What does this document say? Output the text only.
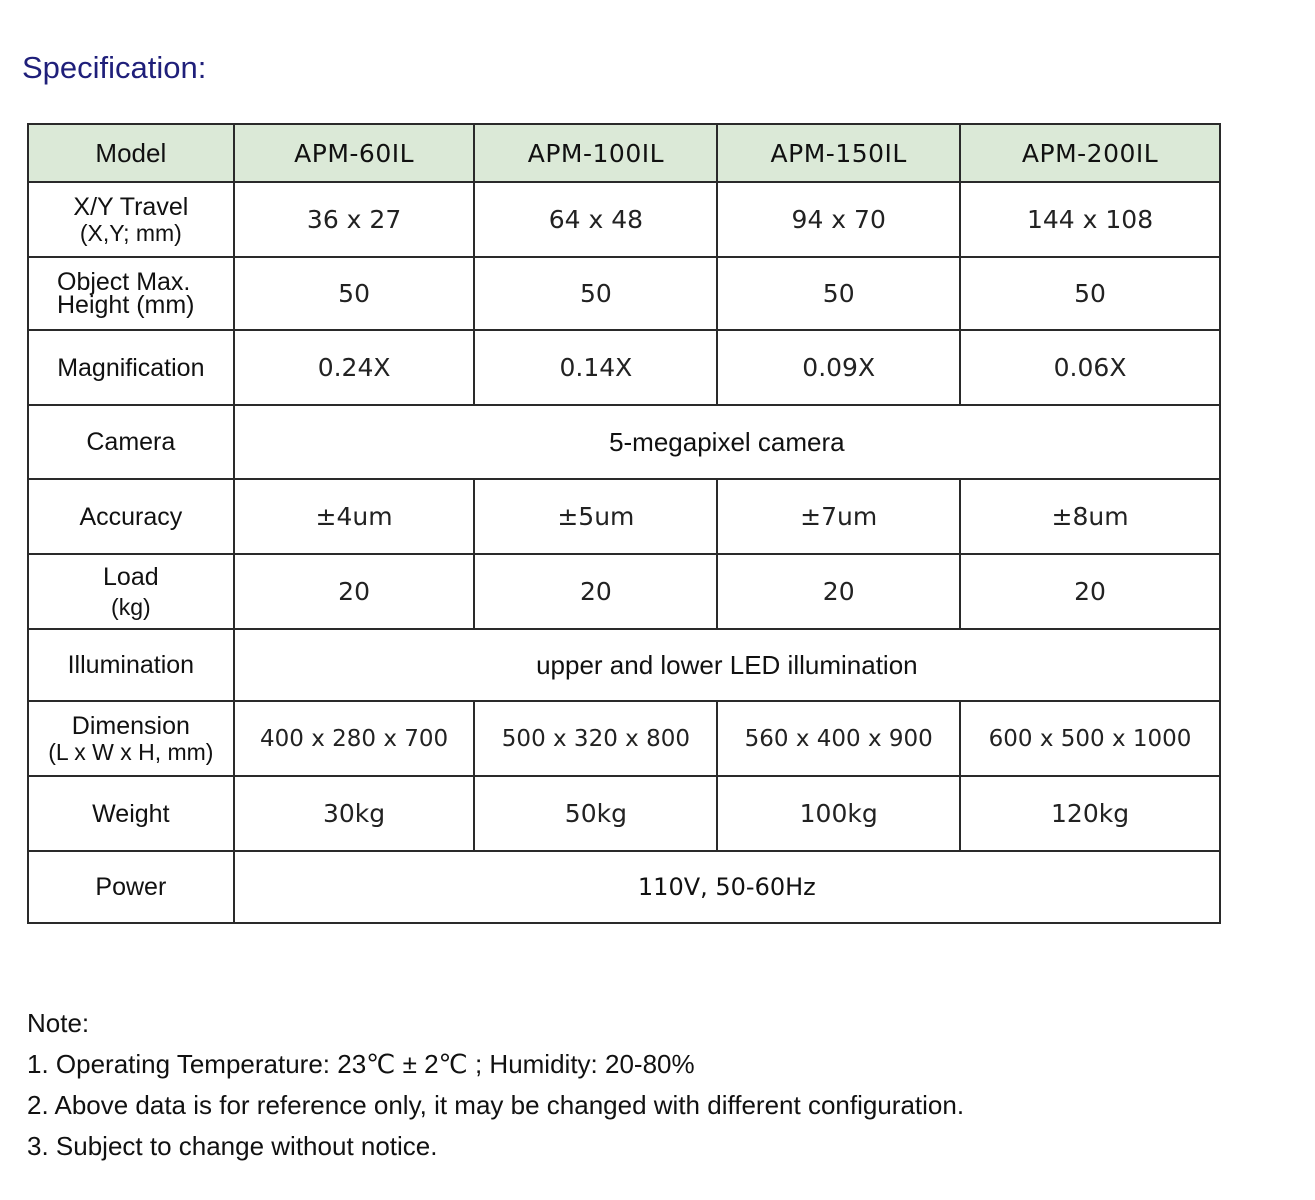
Specification:
Model	APM-60IL	APM-100IL	APM-150IL	APM-200IL
X/Y Travel
(X,Y; mm)	36 x 27	64 x 48	94 x 70	144 x 108
Object Max.
Height (mm)	50	50	50	50
Magnification	0.24X	0.14X	0.09X	0.06X
Camera	5-megapixel camera			
Accuracy	±4um	±5um	±7um	±8um
Load
(kg)	20	20	20	20
Illumination	upper and lower LED illumination			
Dimension
(L x W x H, mm)	400 x 280 x 700	500 x 320 x 800	560 x 400 x 900	600 x 500 x 1000
Weight	30kg	50kg	100kg	120kg
Power	110V, 50-60Hz			
Note:
1. Operating Temperature: 23℃ ± 2℃ ; Humidity: 20-80%
2. Above data is for reference only, it may be changed with different configuration.
3. Subject to change without notice.
